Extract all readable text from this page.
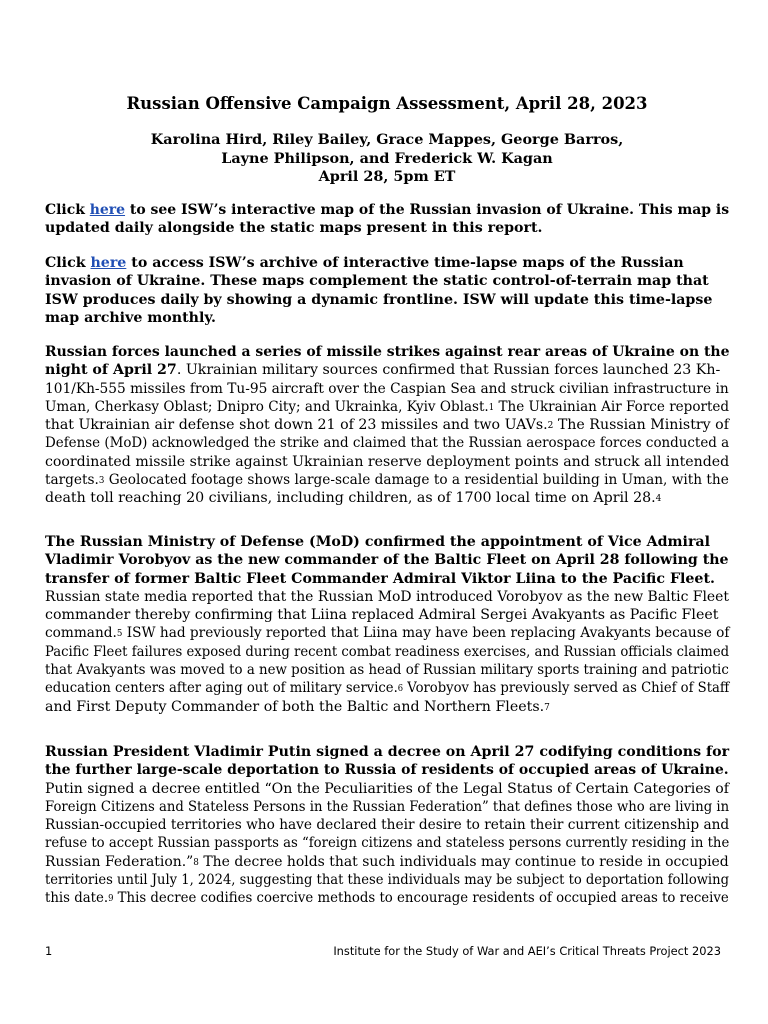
Russian Offensive Campaign Assessment, April 28, 2023
Karolina Hird, Riley Bailey, Grace Mappes, George Barros,
Layne Philipson, and Frederick W. Kagan
April 28, 5pm ET
Click here to see ISW’s interactive map of the Russian invasion of Ukraine. This map is
updated daily alongside the static maps present in this report.
Click here to access ISW’s archive of interactive time-lapse maps of the Russian
invasion of Ukraine. These maps complement the static control-of-terrain map that
ISW produces daily by showing a dynamic frontline. ISW will update this time-lapse
map archive monthly.
Russian forces launched a series of missile strikes against rear areas of Ukraine on the
night of April 27. Ukrainian military sources confirmed that Russian forces launched 23 Kh-
101/Kh-555 missiles from Tu-95 aircraft over the Caspian Sea and struck civilian infrastructure in
Uman, Cherkasy Oblast; Dnipro City; and Ukrainka, Kyiv Oblast.1 The Ukrainian Air Force reported
that Ukrainian air defense shot down 21 of 23 missiles and two UAVs.2 The Russian Ministry of
Defense (MoD) acknowledged the strike and claimed that the Russian aerospace forces conducted a
coordinated missile strike against Ukrainian reserve deployment points and struck all intended
targets.3 Geolocated footage shows large-scale damage to a residential building in Uman, with the
death toll reaching 20 civilians, including children, as of 1700 local time on April 28.4
The Russian Ministry of Defense (MoD) confirmed the appointment of Vice Admiral
Vladimir Vorobyov as the new commander of the Baltic Fleet on April 28 following the
transfer of former Baltic Fleet Commander Admiral Viktor Liina to the Pacific Fleet.
Russian state media reported that the Russian MoD introduced Vorobyov as the new Baltic Fleet
commander thereby confirming that Liina replaced Admiral Sergei Avakyants as Pacific Fleet
command.5 ISW had previously reported that Liina may have been replacing Avakyants because of
Pacific Fleet failures exposed during recent combat readiness exercises, and Russian officials claimed
that Avakyants was moved to a new position as head of Russian military sports training and patriotic
education centers after aging out of military service.6 Vorobyov has previously served as Chief of Staff
and First Deputy Commander of both the Baltic and Northern Fleets.7
Russian President Vladimir Putin signed a decree on April 27 codifying conditions for
the further large-scale deportation to Russia of residents of occupied areas of Ukraine.
Putin signed a decree entitled “On the Peculiarities of the Legal Status of Certain Categories of
Foreign Citizens and Stateless Persons in the Russian Federation” that defines those who are living in
Russian-occupied territories who have declared their desire to retain their current citizenship and
refuse to accept Russian passports as “foreign citizens and stateless persons currently residing in the
Russian Federation.”8 The decree holds that such individuals may continue to reside in occupied
territories until July 1, 2024, suggesting that these individuals may be subject to deportation following
this date.9 This decree codifies coercive methods to encourage residents of occupied areas to receive
1	Institute for the Study of War and AEI’s Critical Threats Project 2023
